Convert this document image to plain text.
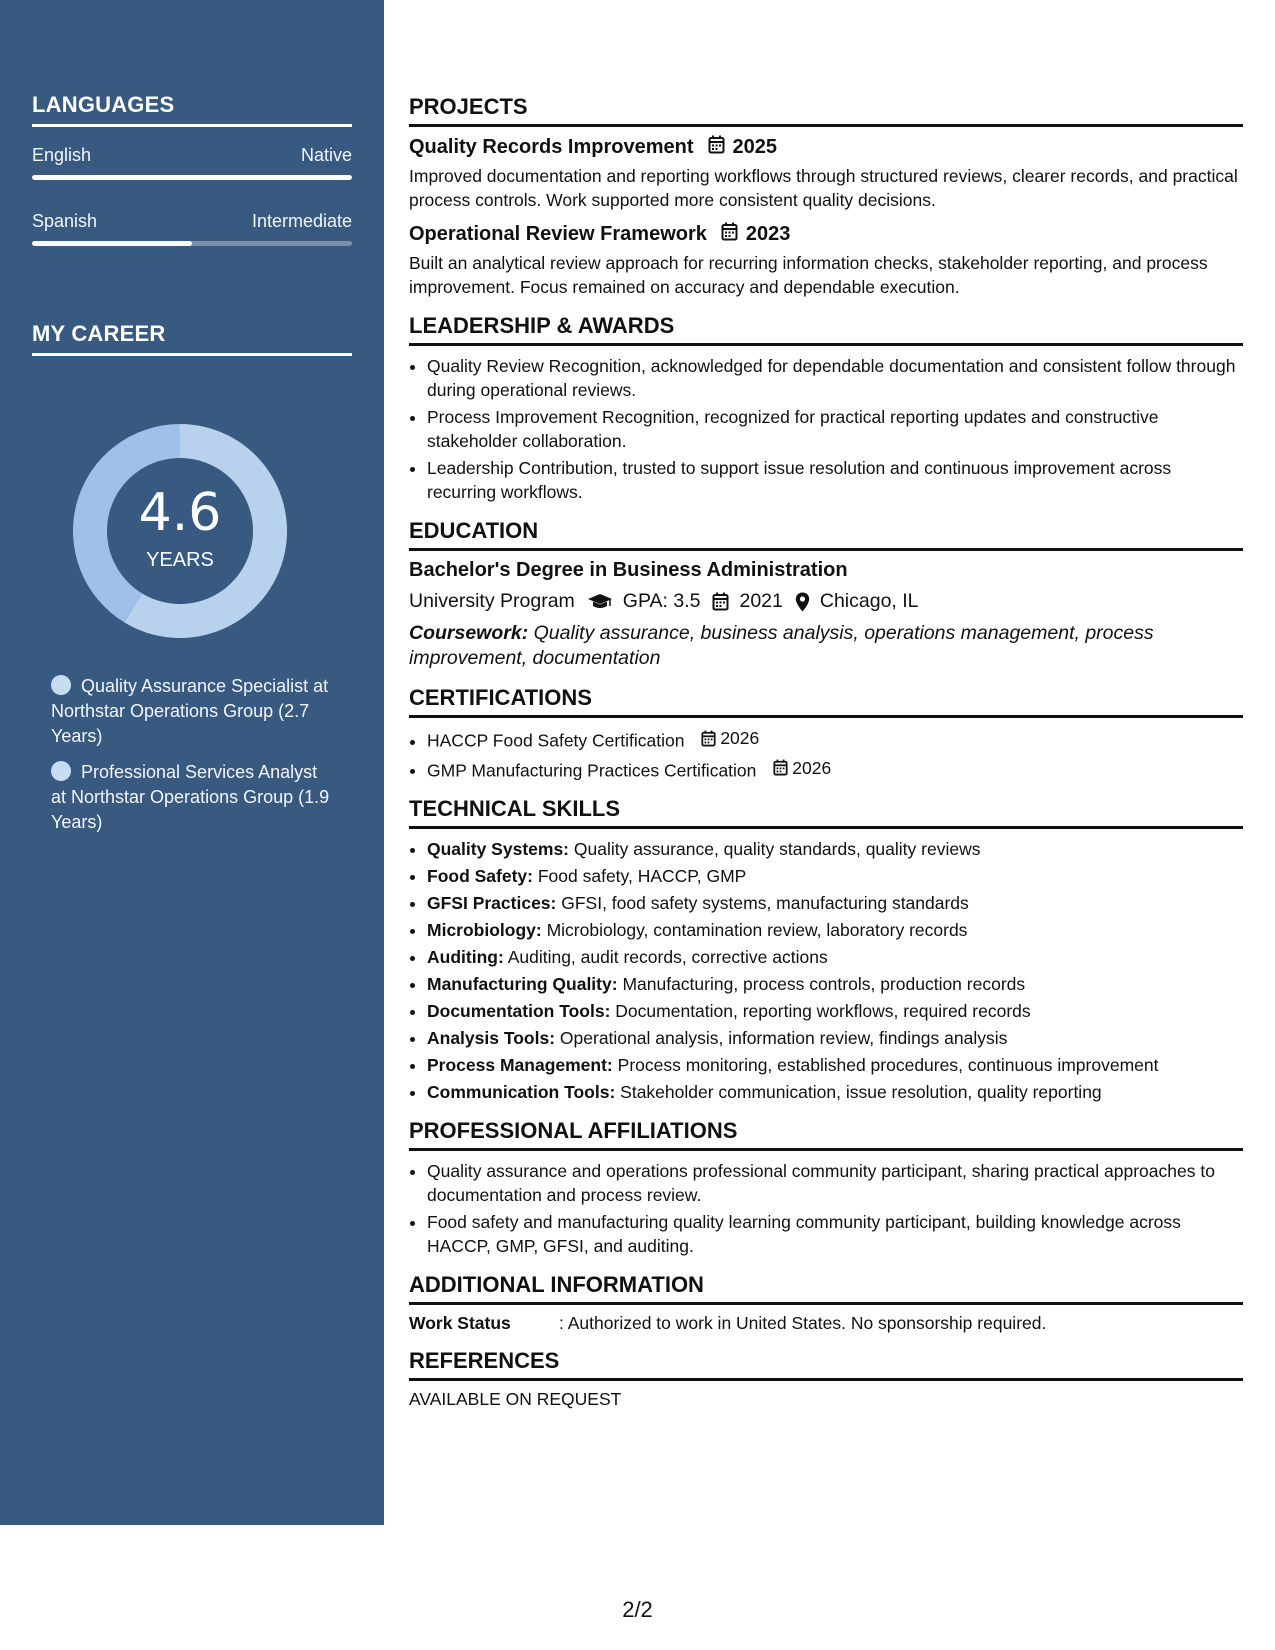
LANGUAGES
English	Native
Spanish	Intermediate
MY CAREER
4.6
YEARS
Quality Assurance Specialist at Northstar Operations Group (2.7 Years)
Professional Services Analyst at Northstar Operations Group (1.9 Years)
PROJECTS
Quality Records Improvement 2025
Improved documentation and reporting workflows through structured reviews, clearer records, and practical process controls. Work supported more consistent quality decisions.
Operational Review Framework 2023
Built an analytical review approach for recurring information checks, stakeholder reporting, and process improvement. Focus remained on accuracy and dependable execution.
LEADERSHIP & AWARDS
• Quality Review Recognition, acknowledged for dependable documentation and consistent follow through during operational reviews.
• Process Improvement Recognition, recognized for practical reporting updates and constructive stakeholder collaboration.
• Leadership Contribution, trusted to support issue resolution and continuous improvement across recurring workflows.
EDUCATION
Bachelor's Degree in Business Administration
University Program GPA: 3.5 2021 Chicago, IL
Coursework: Quality assurance, business analysis, operations management, process improvement, documentation
CERTIFICATIONS
• HACCP Food Safety Certification 2026
• GMP Manufacturing Practices Certification 2026
TECHNICAL SKILLS
• Quality Systems: Quality assurance, quality standards, quality reviews
• Food Safety: Food safety, HACCP, GMP
• GFSI Practices: GFSI, food safety systems, manufacturing standards
• Microbiology: Microbiology, contamination review, laboratory records
• Auditing: Auditing, audit records, corrective actions
• Manufacturing Quality: Manufacturing, process controls, production records
• Documentation Tools: Documentation, reporting workflows, required records
• Analysis Tools: Operational analysis, information review, findings analysis
• Process Management: Process monitoring, established procedures, continuous improvement
• Communication Tools: Stakeholder communication, issue resolution, quality reporting
PROFESSIONAL AFFILIATIONS
• Quality assurance and operations professional community participant, sharing practical approaches to documentation and process review.
• Food safety and manufacturing quality learning community participant, building knowledge across HACCP, GMP, GFSI, and auditing.
ADDITIONAL INFORMATION
Work Status	: Authorized to work in United States. No sponsorship required.
REFERENCES
AVAILABLE ON REQUEST
2/2
